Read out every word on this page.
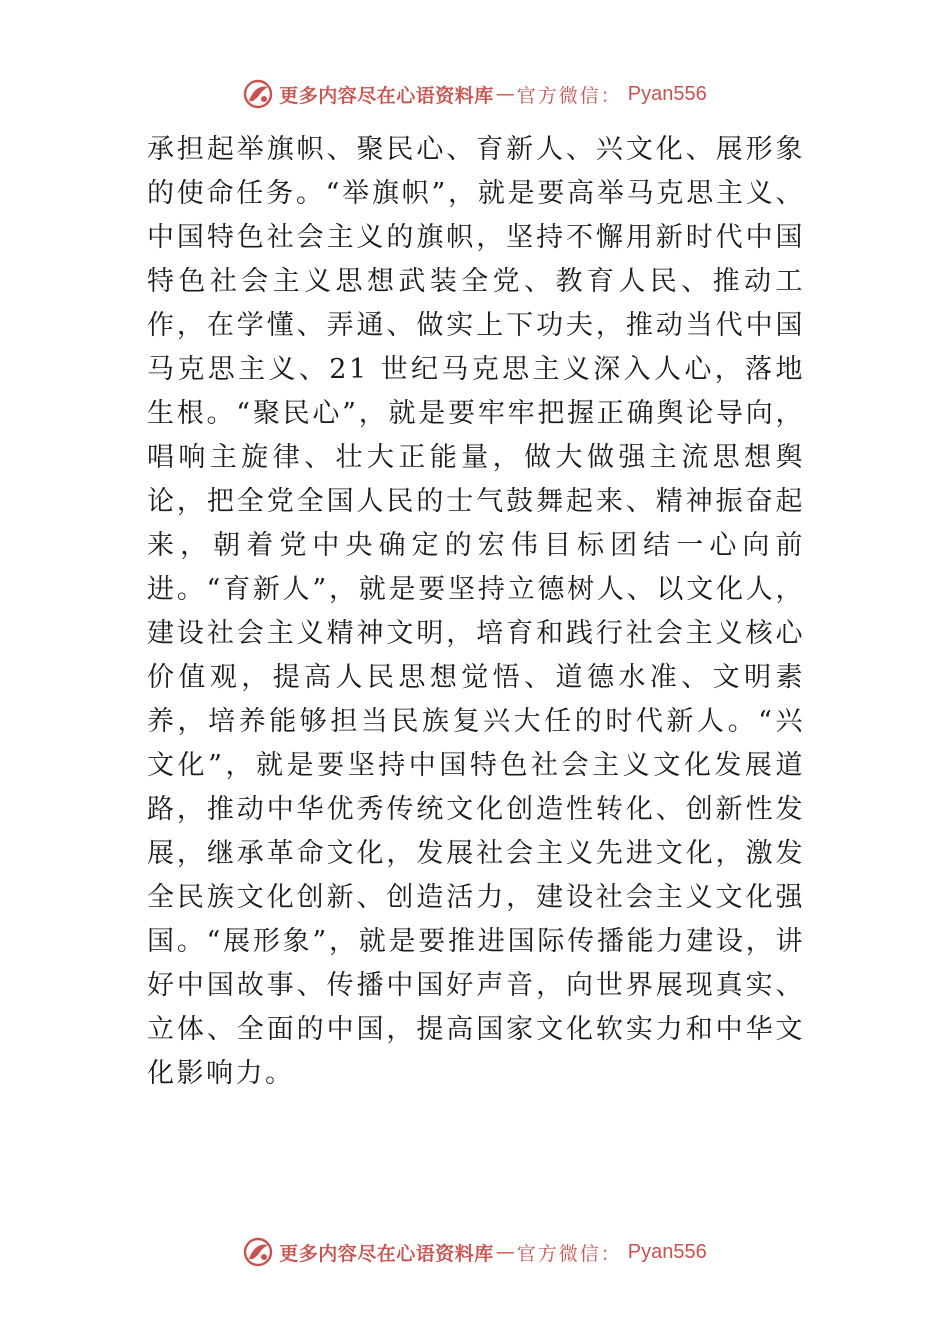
更多内容尽在心语资料库 — 官方微信： Pyan556

承担起举旗帜、聚民心、育新人、兴文化、展形象的使命任务。“举旗帜”，就是要高举马克思主义、中国特色社会主义的旗帜，坚持不懈用新时代中国特色社会主义思想武装全党、教育人民、推动工作，在学懂、弄通、做实上下功夫，推动当代中国马克思主义、21 世纪马克思主义深入人心，落地生根。“聚民心”，就是要牢牢把握正确舆论导向，唱响主旋律、壮大正能量，做大做强主流思想舆论，把全党全国人民的士气鼓舞起来、精神振奋起来，朝着党中央确定的宏伟目标团结一心向前进。“育新人”，就是要坚持立德树人、以文化人，建设社会主义精神文明，培育和践行社会主义核心价值观，提高人民思想觉悟、道德水准、文明素养，培养能够担当民族复兴大任的时代新人。“兴文化”，就是要坚持中国特色社会主义文化发展道路，推动中华优秀传统文化创造性转化、创新性发展，继承革命文化，发展社会主义先进文化，激发全民族文化创新、创造活力，建设社会主义文化强国。“展形象”，就是要推进国际传播能力建设，讲好中国故事、传播中国好声音，向世界展现真实、立体、全面的中国，提高国家文化软实力和中华文化影响力。

更多内容尽在心语资料库 — 官方微信： Pyan556
